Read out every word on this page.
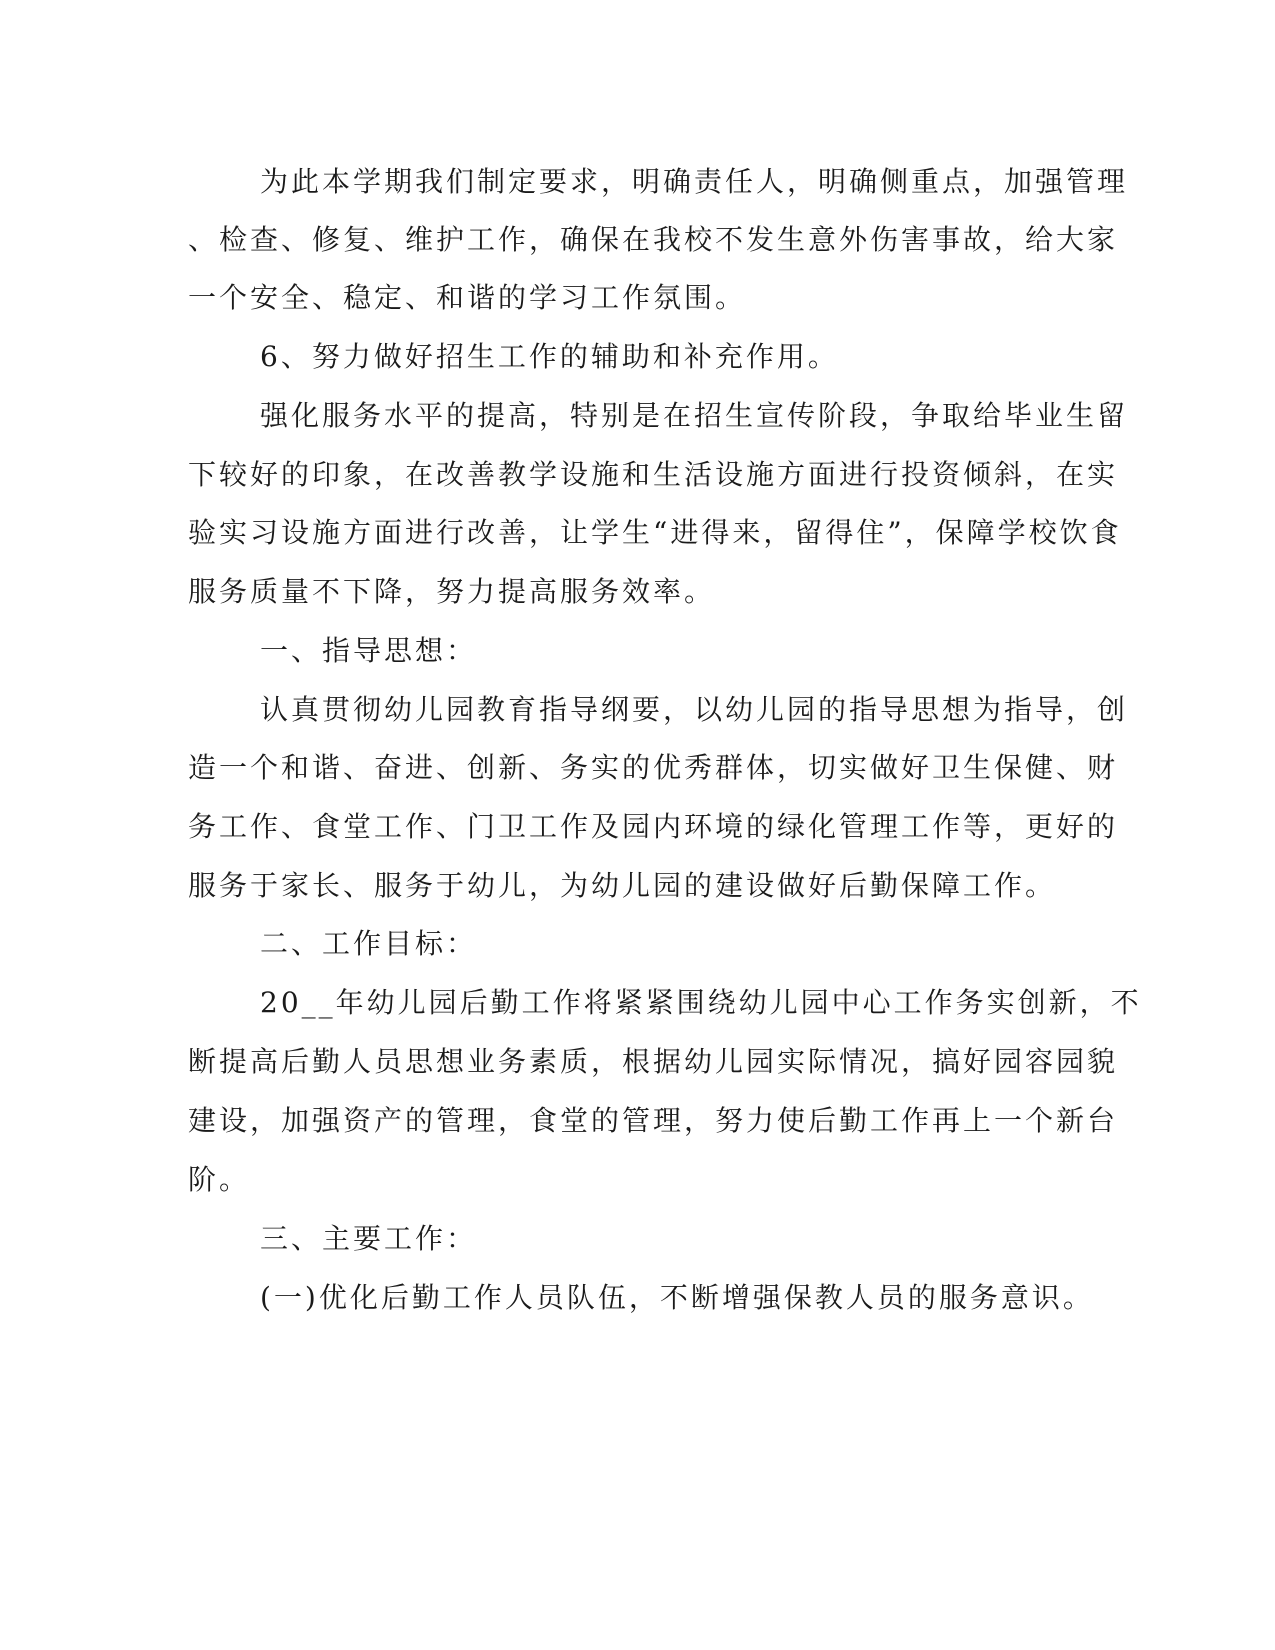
为此本学期我们制定要求，明确责任人，明确侧重点，加强管理
、检查、修复、维护工作，确保在我校不发生意外伤害事故，给大家
一个安全、稳定、和谐的学习工作氛围。
6、努力做好招生工作的辅助和补充作用。
强化服务水平的提高，特别是在招生宣传阶段，争取给毕业生留
下较好的印象，在改善教学设施和生活设施方面进行投资倾斜，在实
验实习设施方面进行改善，让学生“进得来，留得住”，保障学校饮食
服务质量不下降，努力提高服务效率。
一、指导思想：
认真贯彻幼儿园教育指导纲要，以幼儿园的指导思想为指导，创
造一个和谐、奋进、创新、务实的优秀群体，切实做好卫生保健、财
务工作、食堂工作、门卫工作及园内环境的绿化管理工作等，更好的
服务于家长、服务于幼儿，为幼儿园的建设做好后勤保障工作。
二、工作目标：
20__年幼儿园后勤工作将紧紧围绕幼儿园中心工作务实创新，不
断提高后勤人员思想业务素质，根据幼儿园实际情况，搞好园容园貌
建设，加强资产的管理，食堂的管理，努力使后勤工作再上一个新台
阶。
三、主要工作：
(一)优化后勤工作人员队伍，不断增强保教人员的服务意识。
